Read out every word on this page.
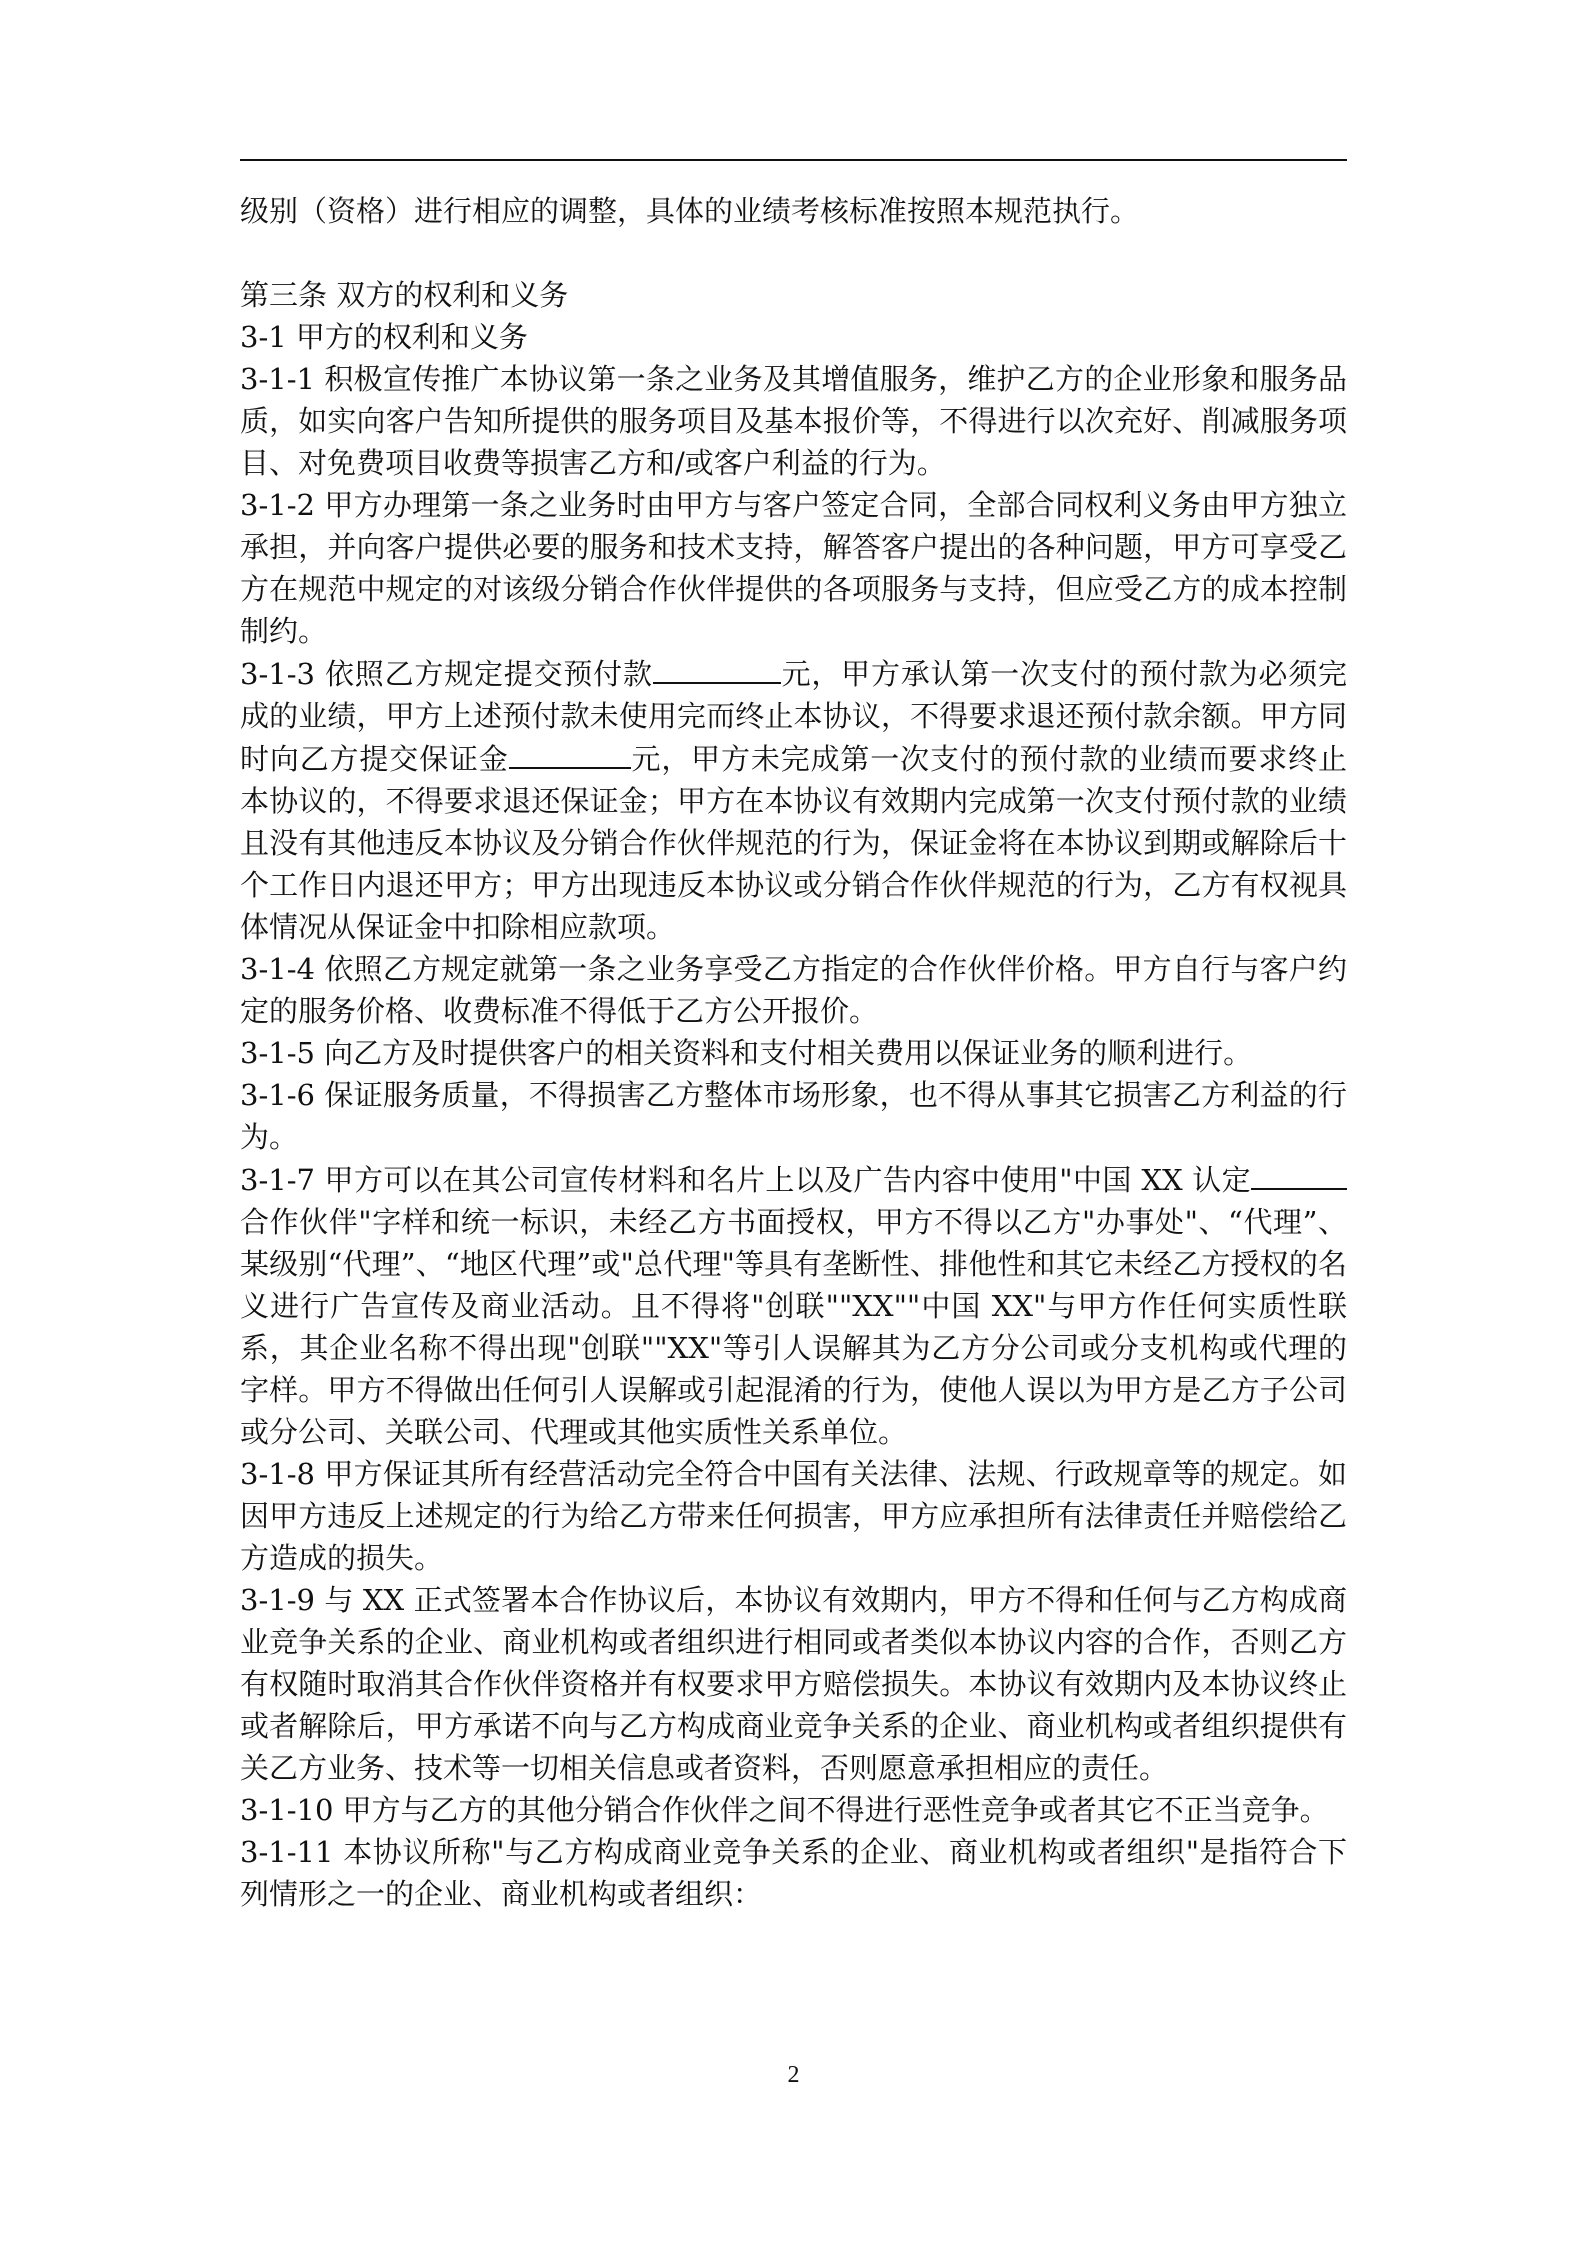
级别（资格）进行相应的调整，具体的业绩考核标准按照本规范执行。

第三条 双方的权利和义务

3-1 甲方的权利和义务

3-1-1 积极宣传推广本协议第一条之业务及其增值服务，维护乙方的企业形象和服务品质，如实向客户告知所提供的服务项目及基本报价等，不得进行以次充好、削减服务项目、对免费项目收费等损害乙方和/或客户利益的行为。

3-1-2 甲方办理第一条之业务时由甲方与客户签定合同，全部合同权利义务由甲方独立承担，并向客户提供必要的服务和技术支持，解答客户提出的各种问题，甲方可享受乙方在规范中规定的对该级分销合作伙伴提供的各项服务与支持，但应受乙方的成本控制制约。

3-1-3 依照乙方规定提交预付款	元，甲方承认第一次支付的预付款为必须完成的业绩，甲方上述预付款未使用完而终止本协议，不得要求退还预付款余额。甲方同时向乙方提交保证金	元，甲方未完成第一次支付的预付款的业绩而要求终止本协议的，不得要求退还保证金；甲方在本协议有效期内完成第一次支付预付款的业绩且没有其他违反本协议及分销合作伙伴规范的行为，保证金将在本协议到期或解除后十个工作日内退还甲方；甲方出现违反本协议或分销合作伙伴规范的行为，乙方有权视具体情况从保证金中扣除相应款项。

3-1-4 依照乙方规定就第一条之业务享受乙方指定的合作伙伴价格。甲方自行与客户约定的服务价格、收费标准不得低于乙方公开报价。

3-1-5 向乙方及时提供客户的相关资料和支付相关费用以保证业务的顺利进行。

3-1-6 保证服务质量，不得损害乙方整体市场形象，也不得从事其它损害乙方利益的行为。

3-1-7 甲方可以在其公司宣传材料和名片上以及广告内容中使用"中国 XX 认定合作伙伴"字样和统一标识，未经乙方书面授权，甲方不得以乙方"办事处"、“代理”、某级别“代理”、“地区代理”或"总代理"等具有垄断性、排他性和其它未经乙方授权的名义进行广告宣传及商业活动。且不得将"创联""XX""中国 XX"与甲方作任何实质性联系，其企业名称不得出现"创联""XX"等引人误解其为乙方分公司或分支机构或代理的字样。甲方不得做出任何引人误解或引起混淆的行为，使他人误以为甲方是乙方子公司或分公司、关联公司、代理或其他实质性关系单位。

3-1-8 甲方保证其所有经营活动完全符合中国有关法律、法规、行政规章等的规定。如因甲方违反上述规定的行为给乙方带来任何损害，甲方应承担所有法律责任并赔偿给乙方造成的损失。

3-1-9 与 XX 正式签署本合作协议后，本协议有效期内，甲方不得和任何与乙方构成商业竞争关系的企业、商业机构或者组织进行相同或者类似本协议内容的合作，否则乙方有权随时取消其合作伙伴资格并有权要求甲方赔偿损失。本协议有效期内及本协议终止或者解除后，甲方承诺不向与乙方构成商业竞争关系的企业、商业机构或者组织提供有关乙方业务、技术等一切相关信息或者资料，否则愿意承担相应的责任。

3-1-10 甲方与乙方的其他分销合作伙伴之间不得进行恶性竞争或者其它不正当竞争。

3-1-11 本协议所称"与乙方构成商业竞争关系的企业、商业机构或者组织"是指符合下列情形之一的企业、商业机构或者组织：

2
